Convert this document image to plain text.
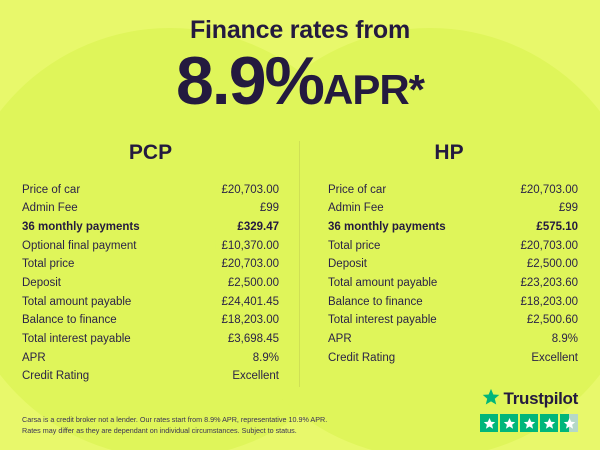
Finance rates from
8.9%APR*
PCP
Price of car	£20,703.00
Admin Fee	£99
36 monthly payments	£329.47
Optional final payment	£10,370.00
Total price	£20,703.00
Deposit	£2,500.00
Total amount payable	£24,401.45
Balance to finance	£18,203.00
Total interest payable	£3,698.45
APR	8.9%
Credit Rating	Excellent
HP
Price of car	£20,703.00
Admin Fee	£99
36 monthly payments	£575.10
Total price	£20,703.00
Deposit	£2,500.00
Total amount payable	£23,203.60
Balance to finance	£18,203.00
Total interest payable	£2,500.60
APR	8.9%
Credit Rating	Excellent
Carsa is a credit broker not a lender. Our rates start from 8.9% APR, representative 10.9% APR.
Rates may differ as they are dependant on individual circumstances. Subject to status.
Trustpilot
